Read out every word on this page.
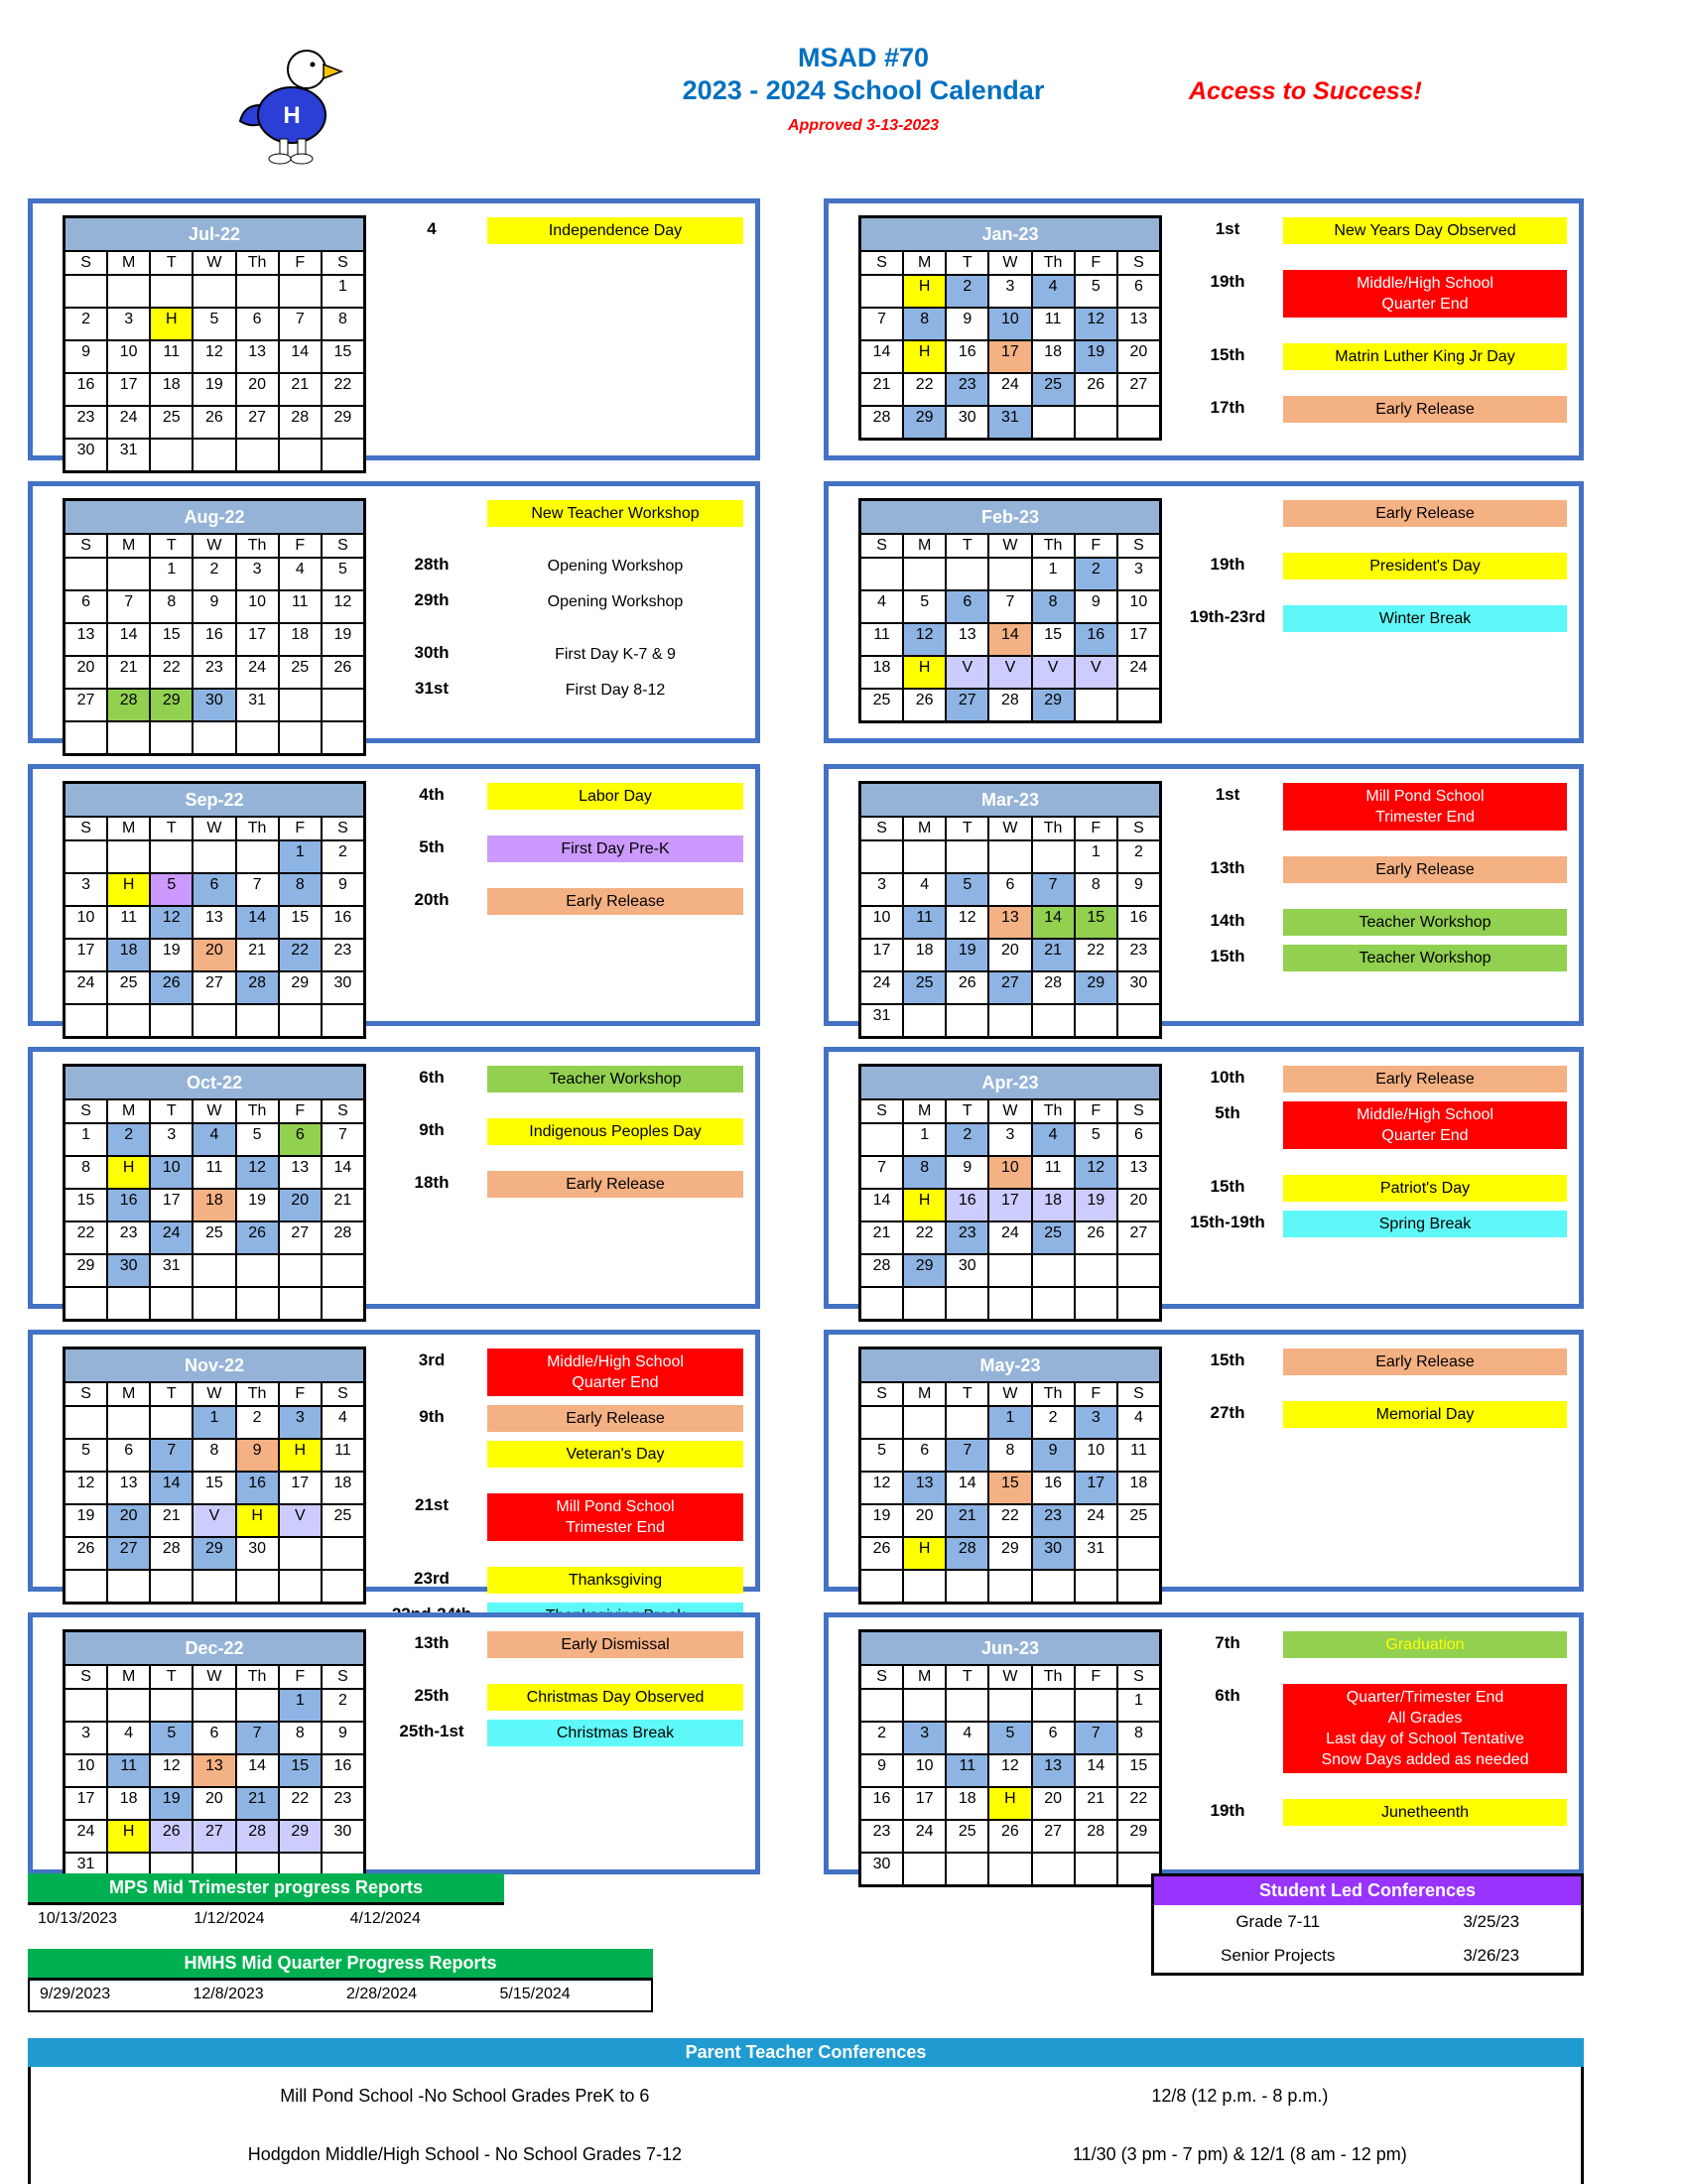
H
MSAD #70
2023 - 2024 School Calendar
Approved 3-13-2023
Access to Success!
Jul-22						
S	M	T	W	Th	F	S
						1
2	3	H	5	6	7	8
9	10	11	12	13	14	15
16	17	18	19	20	21	22
23	24	25	26	27	28	29
30	31					
4	Independence Day	Jan-23						
S	M	T	W	Th	F	S
	H	2	3	4	5	6
7	8	9	10	11	12	13
14	H	16	17	18	19	20
21	22	23	24	25	26	27
28	29	30	31			
1st	New Years Day Observed
19th	Middle/High School
Quarter End
15th	Matrin Luther King Jr Day
17th	Early Release
Aug-22						
S	M	T	W	Th	F	S
		1	2	3	4	5
6	7	8	9	10	11	12
13	14	15	16	17	18	19
20	21	22	23	24	25	26
27	28	29	30	31		

New Teacher Workshop
28th	Opening Workshop
29th	Opening Workshop
30th	First Day K-7 & 9
31st	First Day 8-12
Feb-23						
S	M	T	W	Th	F	S
				1	2	3
4	5	6	7	8	9	10
11	12	13	14	15	16	17
18	H	V	V	V	V	24
25	26	27	28	29		
Early Release
19th	President's Day
19th-23rd	Winter Break
Sep-22						
S	M	T	W	Th	F	S
					1	2
3	H	5	6	7	8	9
10	11	12	13	14	15	16
17	18	19	20	21	22	23
24	25	26	27	28	29	30

4th	Labor Day
5th	First Day Pre-K
20th	Early Release
Mar-23						
S	M	T	W	Th	F	S
					1	2
3	4	5	6	7	8	9
10	11	12	13	14	15	16
17	18	19	20	21	22	23
24	25	26	27	28	29	30
31						
1st	Mill Pond School
Trimester End
13th	Early Release
14th	Teacher Workshop
15th	Teacher Workshop
Oct-22						
S	M	T	W	Th	F	S
1	2	3	4	5	6	7
8	H	10	11	12	13	14
15	16	17	18	19	20	21
22	23	24	25	26	27	28
29	30	31				

6th	Teacher Workshop
9th	Indigenous Peoples Day
18th	Early Release
Apr-23						
S	M	T	W	Th	F	S
	1	2	3	4	5	6
7	8	9	10	11	12	13
14	H	16	17	18	19	20
21	22	23	24	25	26	27
28	29	30				

10th	Early Release
5th	Middle/High School
Quarter End
15th	Patriot's Day
15th-19th	Spring Break
Nov-22						
S	M	T	W	Th	F	S
			1	2	3	4
5	6	7	8	9	H	11
12	13	14	15	16	17	18
19	20	21	V	H	V	25
26	27	28	29	30		

3rd	Middle/High School
Quarter End
9th	Early Release
Veteran's Day
21st	Mill Pond School
Trimester End
23rd	Thanksgiving
May-23						
S	M	T	W	Th	F	S
			1	2	3	4
5	6	7	8	9	10	11
12	13	14	15	16	17	18
19	20	21	22	23	24	25
26	H	28	29	30	31	

15th	Early Release
27th	Memorial Day
Dec-22						
S	M	T	W	Th	F	S
					1	2
3	4	5	6	7	8	9
10	11	12	13	14	15	16
17	18	19	20	21	22	23
24	H	26	27	28	29	30
31						
13th	Early Dismissal
25th	Christmas Day Observed
25th-1st	Christmas Break
Jun-23						
S	M	T	W	Th	F	S
						1
2	3	4	5	6	7	8
9	10	11	12	13	14	15
16	17	18	H	20	21	22
23	24	25	26	27	28	29
30						
7th	Graduation
6th	Quarter/Trimester End
All Grades
Last day of School Tentative
Snow Days added as needed
19th	Junetheenth
MPS Mid Trimester progress Reports
10/13/2023	1/12/2024	4/12/2024
HMHS Mid Quarter Progress Reports
9/29/2023	12/8/2023	2/28/2024	5/15/2024
Student Led Conferences
Grade 7-11	3/25/23
Senior Projects	3/26/23
Parent Teacher Conferences
Mill Pond School -No School Grades PreK to 6	12/8 (12 p.m. - 8 p.m.)
Hodgdon Middle/High School - No School Grades 7-12	11/30 (3 pm - 7 pm) & 12/1 (8 am - 12 pm)
